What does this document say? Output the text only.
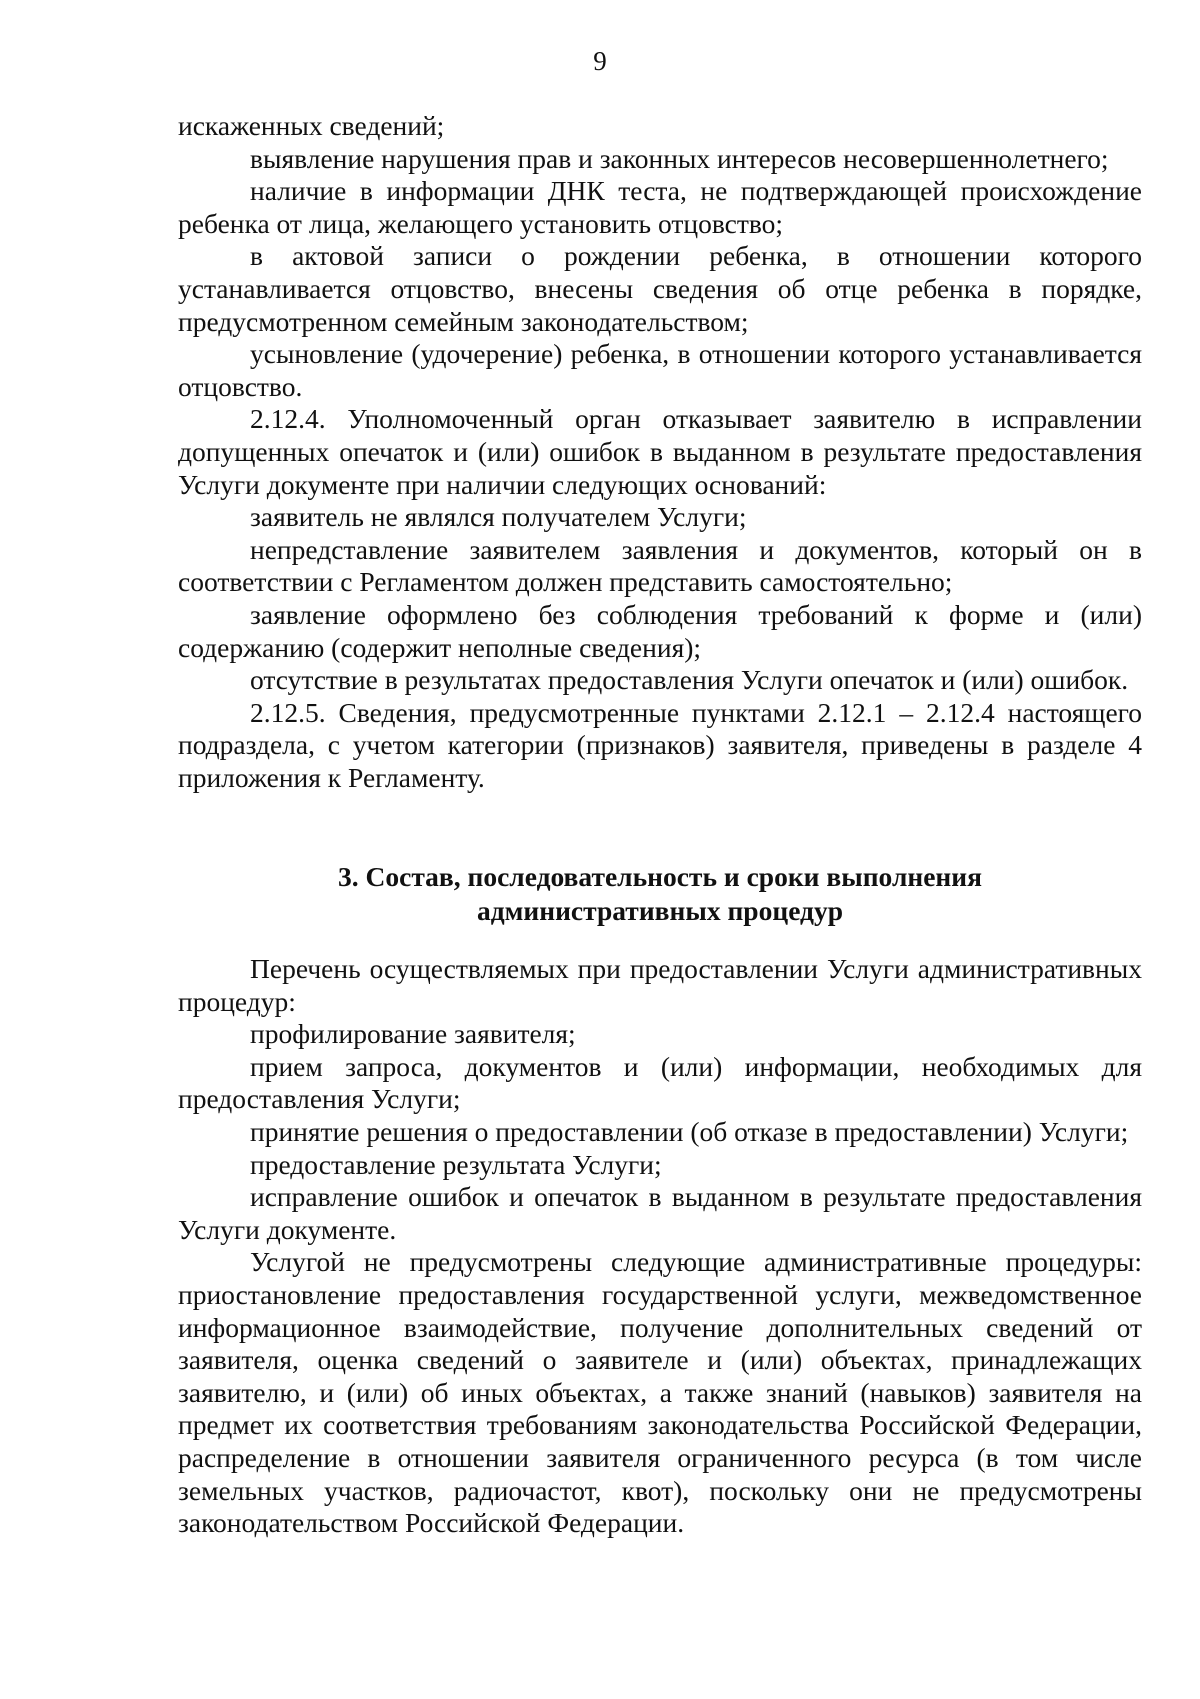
9

искаженных сведений;

выявление нарушения прав и законных интересов несовершеннолетнего;

наличие в информации ДНК теста, не подтверждающей происхождение ребенка от лица, желающего установить отцовство;

в актовой записи о рождении ребенка, в отношении которого устанавливается отцовство, внесены сведения об отце ребенка в порядке, предусмотренном семейным законодательством;

усыновление (удочерение) ребенка, в отношении которого устанавливается отцовство.

2.12.4. Уполномоченный орган отказывает заявителю в исправлении допущенных опечаток и (или) ошибок в выданном в результате предоставления Услуги документе при наличии следующих оснований:

заявитель не являлся получателем Услуги;

непредставление заявителем заявления и документов, который он в соответствии с Регламентом должен представить самостоятельно;

заявление оформлено без соблюдения требований к форме и (или) содержанию (содержит неполные сведения);

отсутствие в результатах предоставления Услуги опечаток и (или) ошибок.

2.12.5. Сведения, предусмотренные пунктами 2.12.1 – 2.12.4 настоящего подраздела, с учетом категории (признаков) заявителя, приведены в разделе 4 приложения к Регламенту.

3. Состав, последовательность и сроки выполнения
административных процедур

Перечень осуществляемых при предоставлении Услуги административных процедур:

профилирование заявителя;

прием запроса, документов и (или) информации, необходимых для предоставления Услуги;

принятие решения о предоставлении (об отказе в предоставлении) Услуги;

предоставление результата Услуги;

исправление ошибок и опечаток в выданном в результате предоставления Услуги документе.

Услугой не предусмотрены следующие административные процедуры: приостановление предоставления государственной услуги, межведомственное информационное взаимодействие, получение дополнительных сведений от заявителя, оценка сведений о заявителе и (или) объектах, принадлежащих заявителю, и (или) об иных объектах, а также знаний (навыков) заявителя на предмет их соответствия требованиям законодательства Российской Федерации, распределение в отношении заявителя ограниченного ресурса (в том числе земельных участков, радиочастот, квот), поскольку они не предусмотрены законодательством Российской Федерации.
